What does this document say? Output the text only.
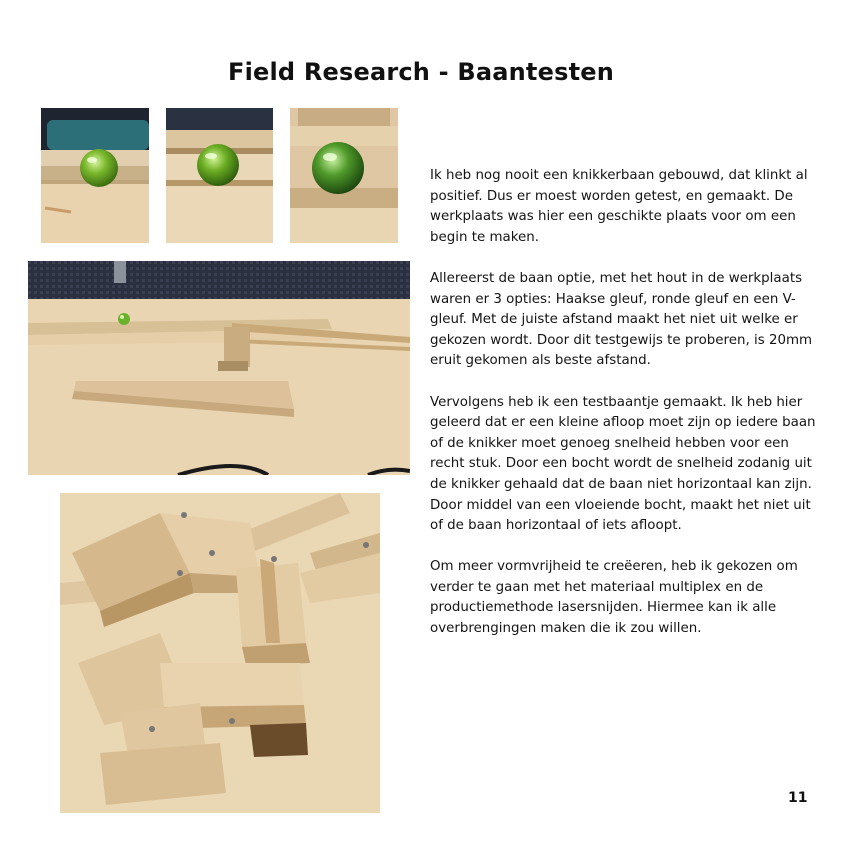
Field Research - Baantesten

Ik heb nog nooit een knikkerbaan gebouwd, dat klinkt al positief. Dus er moest worden getest, en gemaakt. De werkplaats was hier een geschikte plaats voor om een begin te maken.

Allereerst de baan optie, met het hout in de werkplaats waren er 3 opties: Haakse gleuf, ronde gleuf en een V-gleuf. Met de juiste afstand maakt het niet uit welke er gekozen wordt. Door dit testgewijs te proberen, is 20mm eruit gekomen als beste afstand.

Vervolgens heb ik een testbaantje gemaakt. Ik heb hier geleerd dat er een kleine afloop moet zijn op iedere baan of de knikker moet genoeg snelheid hebben voor een recht stuk. Door een bocht wordt de snelheid zodanig uit de knikker gehaald dat de baan niet horizontaal kan zijn. Door middel van een vloeiende bocht, maakt het niet uit of de baan horizontaal of iets afloopt.

Om meer vormvrijheid te creëeren, heb ik gekozen om verder te gaan met het materiaal multiplex en de productiemethode lasersnijden. Hiermee kan ik alle overbrengingen maken die ik zou willen.

11
